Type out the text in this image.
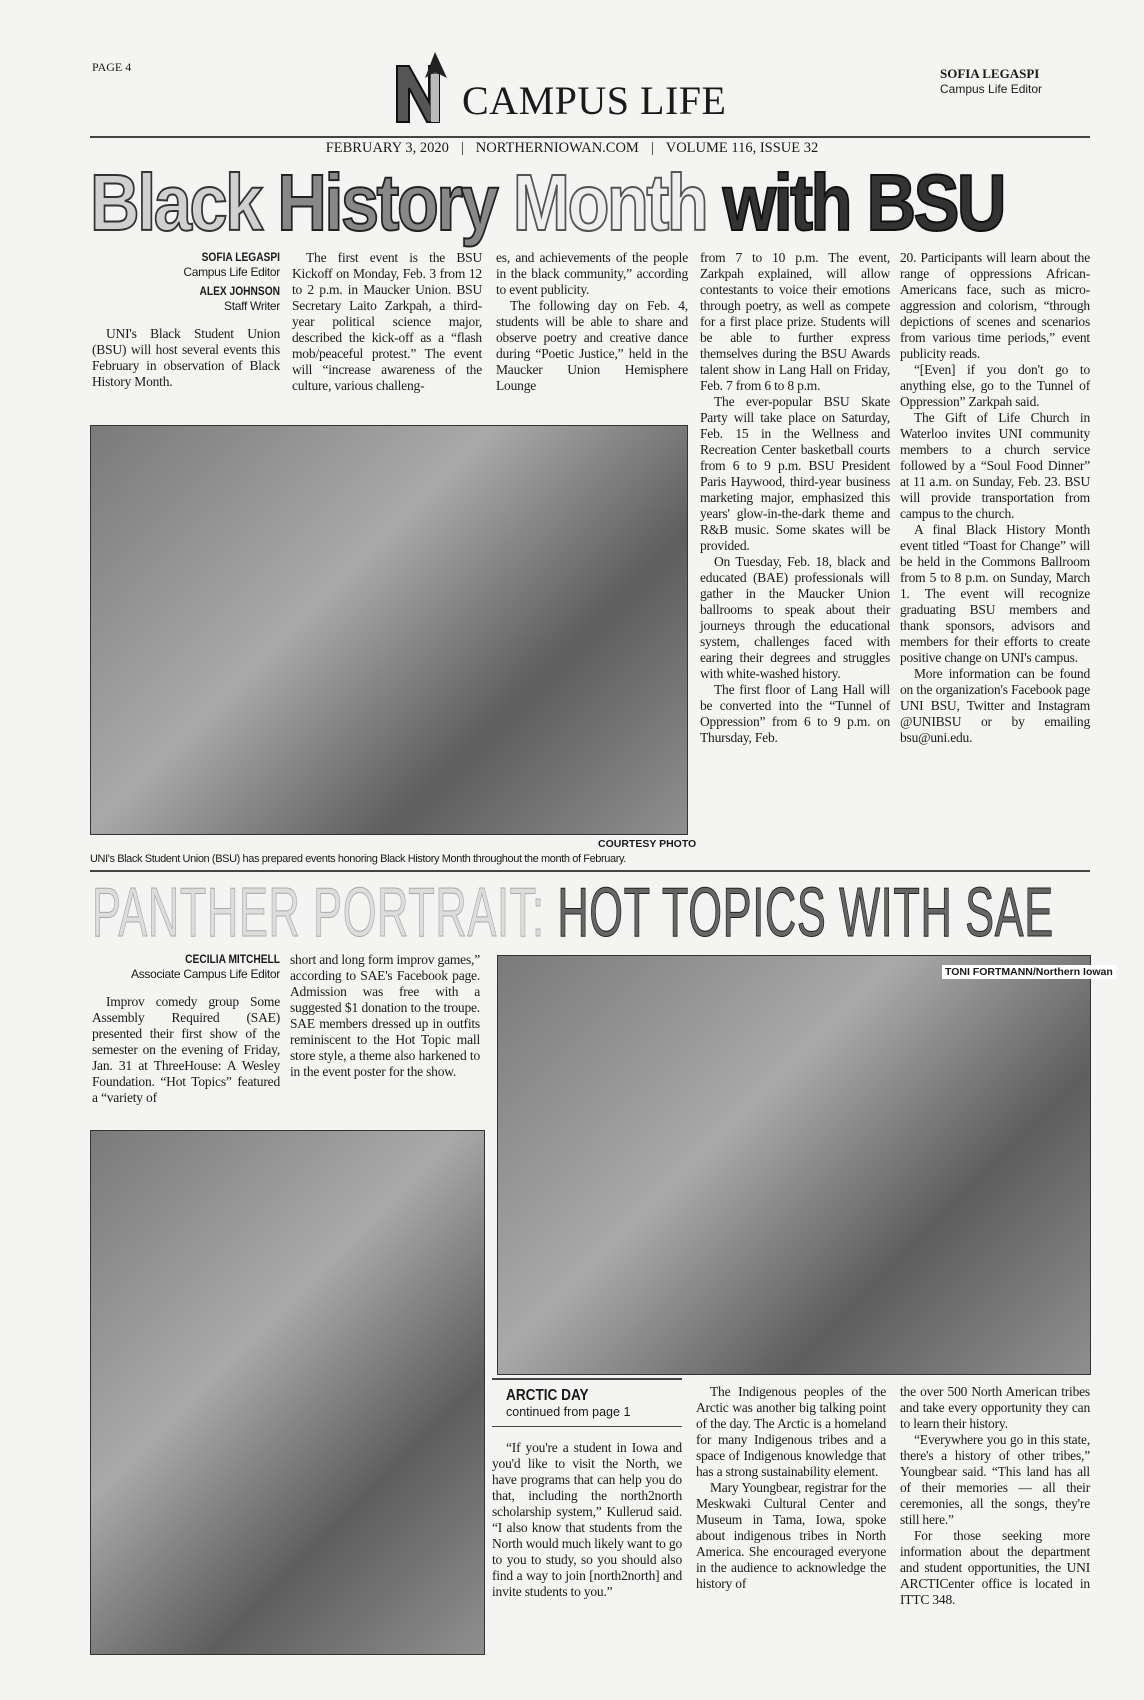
PAGE 4
CAMPUS LIFE
SOFIA LEGASPI
Campus Life Editor
FEBRUARY 3, 2020 | NORTHERNIOWAN.COM | VOLUME 116, ISSUE 32
Black History Month with BSU
SOFIA LEGASPI
Campus Life Editor
ALEX JOHNSON
Staff Writer

UNI's Black Student Union (BSU) will host several events this February in observation of Black History Month.

The first event is the BSU Kickoff on Monday, Feb. 3 from 12 to 2 p.m. in Maucker Union. BSU Secretary Laito Zarkpah, a third-year political science major, described the kick-off as a “flash mob/peaceful protest.” The event will “increase awareness of the culture, various challeng-

es, and achievements of the people in the black community,” according to event publicity.

The following day on Feb. 4, students will be able to share and observe poetry and creative dance during “Poetic Justice,” held in the Maucker Union Hemisphere Lounge

from 7 to 10 p.m. The event, Zarkpah explained, will allow contestants to voice their emotions through poetry, as well as compete for a first place prize. Students will be able to further express themselves during the BSU Awards talent show in Lang Hall on Friday, Feb. 7 from 6 to 8 p.m.

The ever-popular BSU Skate Party will take place on Saturday, Feb. 15 in the Wellness and Recreation Center basketball courts from 6 to 9 p.m. BSU President Paris Haywood, third-year business marketing major, emphasized this years' glow-in-the-dark theme and R&B music. Some skates will be provided.

On Tuesday, Feb. 18, black and educated (BAE) professionals will gather in the Maucker Union ballrooms to speak about their journeys through the educational system, challenges faced with earing their degrees and struggles with white-washed history.

The first floor of Lang Hall will be converted into the “Tunnel of Oppression” from 6 to 9 p.m. on Thursday, Feb.

20. Participants will learn about the range of oppressions African-Americans face, such as micro-aggression and colorism, “through depictions of scenes and scenarios from various time periods,” event publicity reads.

“[Even] if you don't go to anything else, go to the Tunnel of Oppression” Zarkpah said.

The Gift of Life Church in Waterloo invites UNI community members to a church service followed by a “Soul Food Dinner” at 11 a.m. on Sunday, Feb. 23. BSU will provide transportation from campus to the church.

A final Black History Month event titled “Toast for Change” will be held in the Commons Ballroom from 5 to 8 p.m. on Sunday, March 1. The event will recognize graduating BSU members and thank sponsors, advisors and members for their efforts to create positive change on UNI's campus.

More information can be found on the organization's Facebook page UNI BSU, Twitter and Instagram @UNIBSU or by emailing bsu@uni.edu.

COURTESY PHOTO
UNI's Black Student Union (BSU) has prepared events honoring Black History Month throughout the month of February.
PANTHER PORTRAIT: HOT TOPICS WITH SAE
CECILIA MITCHELL
Associate Campus Life Editor

Improv comedy group Some Assembly Required (SAE) presented their first show of the semester on the evening of Friday, Jan. 31 at ThreeHouse: A Wesley Foundation. “Hot Topics” featured a “variety of

short and long form improv games,” according to SAE's Facebook page. Admission was free with a suggested $1 donation to the troupe. SAE members dressed up in outfits reminiscent to the Hot Topic mall store style, a theme also harkened to in the event poster for the show.

TONI FORTMANN/Northern Iowan
ARCTIC DAY
continued from page 1

“If you're a student in Iowa and you'd like to visit the North, we have programs that can help you do that, including the north2north scholarship system,” Kullerud said. “I also know that students from the North would much likely want to go to you to study, so you should also find a way to join [north2north] and invite students to you.”

The Indigenous peoples of the Arctic was another big talking point of the day. The Arctic is a homeland for many Indigenous tribes and a space of Indigenous knowledge that has a strong sustainability element.

Mary Youngbear, registrar for the Meskwaki Cultural Center and Museum in Tama, Iowa, spoke about indigenous tribes in North America. She encouraged everyone in the audience to acknowledge the history of

the over 500 North American tribes and take every opportunity they can to learn their history.

“Everywhere you go in this state, there's a history of other tribes,” Youngbear said. “This land has all of their memories — all their ceremonies, all the songs, they're still here.”

For those seeking more information about the department and student opportunities, the UNI ARCTICenter office is located in ITTC 348.
